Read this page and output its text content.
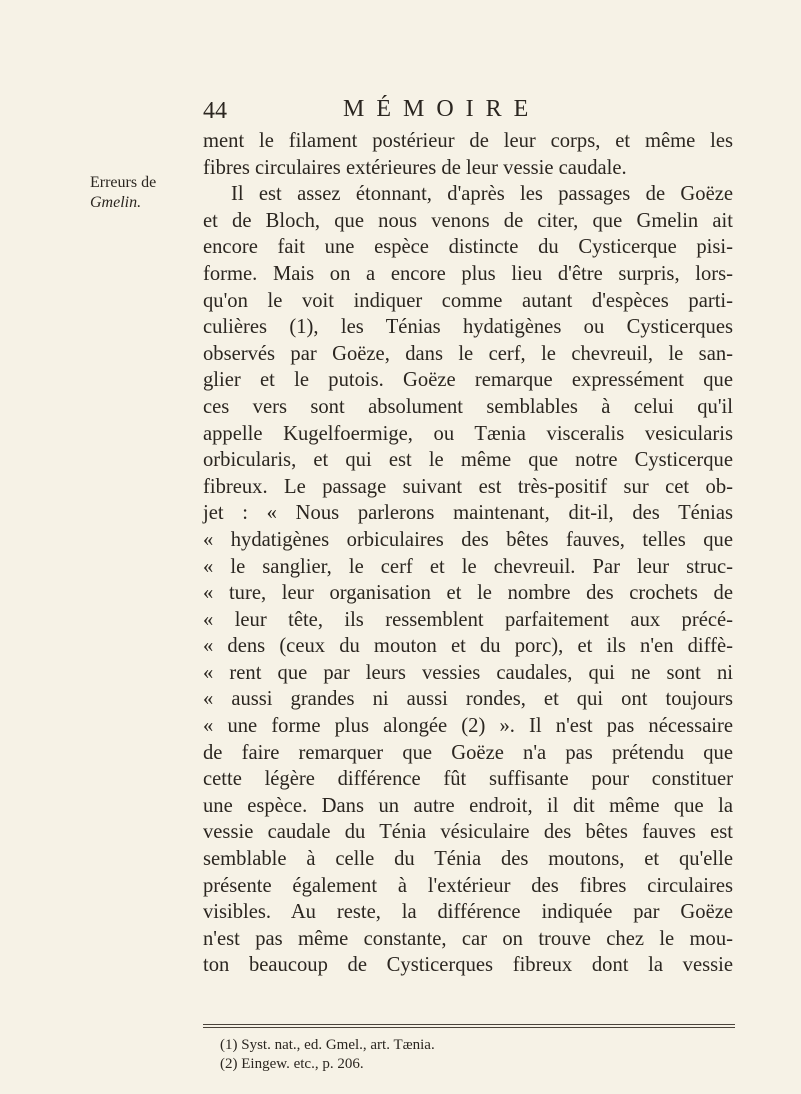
44	MÉMOIRE
Erreurs de
Gmelin.
ment le filament postérieur de leur corps, et même les
fibres circulaires extérieures de leur vessie caudale.
Il est assez étonnant, d'après les passages de Goëze
et de Bloch, que nous venons de citer, que Gmelin ait
encore fait une espèce distincte du Cysticerque pisi-
forme. Mais on a encore plus lieu d'être surpris, lors-
qu'on le voit indiquer comme autant d'espèces parti-
culières (1), les Ténias hydatigènes ou Cysticerques
observés par Goëze, dans le cerf, le chevreuil, le san-
glier et le putois. Goëze remarque expressément que
ces vers sont absolument semblables à celui qu'il
appelle Kugelfoermige, ou Tænia visceralis vesicularis
orbicularis, et qui est le même que notre Cysticerque
fibreux. Le passage suivant est très-positif sur cet ob-
jet : « Nous parlerons maintenant, dit-il, des Ténias
« hydatigènes orbiculaires des bêtes fauves, telles que
« le sanglier, le cerf et le chevreuil. Par leur struc-
« ture, leur organisation et le nombre des crochets de
« leur tête, ils ressemblent parfaitement aux précé-
« dens (ceux du mouton et du porc), et ils n'en diffè-
« rent que par leurs vessies caudales, qui ne sont ni
« aussi grandes ni aussi rondes, et qui ont toujours
« une forme plus alongée (2) ». Il n'est pas nécessaire
de faire remarquer que Goëze n'a pas prétendu que
cette légère différence fût suffisante pour constituer
une espèce. Dans un autre endroit, il dit même que la
vessie caudale du Ténia vésiculaire des bêtes fauves est
semblable à celle du Ténia des moutons, et qu'elle
présente également à l'extérieur des fibres circulaires
visibles. Au reste, la différence indiquée par Goëze
n'est pas même constante, car on trouve chez le mou-
ton beaucoup de Cysticerques fibreux dont la vessie
(1) Syst. nat., ed. Gmel., art. Tænia.
(2) Eingew. etc., p. 206.
